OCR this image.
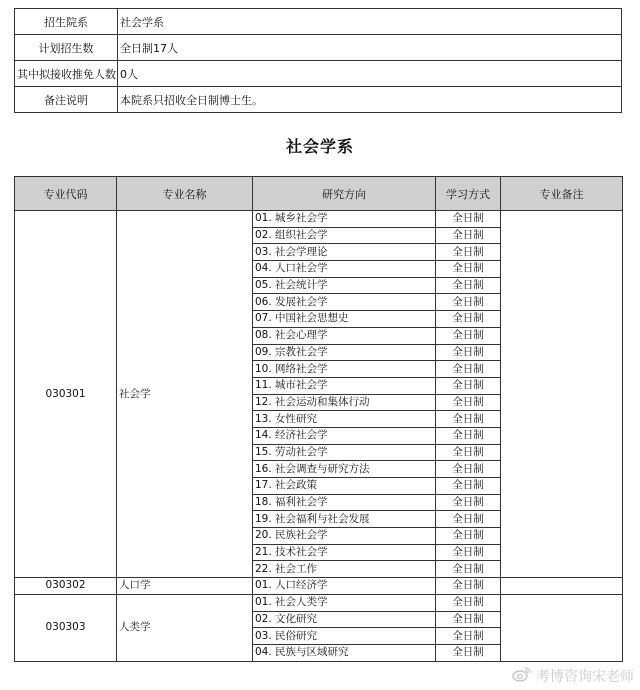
招生院系	社会学系
计划招生数	全日制17人
其中拟接收推免人数	0人
备注说明	本院系只招收全日制博士生。
社会学系
专业代码	专业名称	研究方向	学习方式	专业备注
030301	社会学	01. 城乡社会学	全日制	
		02. 组织社会学	全日制	
		03. 社会学理论	全日制	
		04. 人口社会学	全日制	
		05. 社会统计学	全日制	
		06. 发展社会学	全日制	
		07. 中国社会思想史	全日制	
		08. 社会心理学	全日制	
		09. 宗教社会学	全日制	
		10. 网络社会学	全日制	
		11. 城市社会学	全日制	
		12. 社会运动和集体行动	全日制	
		13. 女性研究	全日制	
		14. 经济社会学	全日制	
		15. 劳动社会学	全日制	
		16. 社会调查与研究方法	全日制	
		17. 社会政策	全日制	
		18. 福利社会学	全日制	
		19. 社会福利与社会发展	全日制	
		20. 民族社会学	全日制	
		21. 技术社会学	全日制	
		22. 社会工作	全日制	
030302	人口学	01. 人口经济学	全日制	
030303	人类学	01. 社会人类学	全日制	
		02. 文化研究	全日制	
		03. 民俗研究	全日制	
		04. 民族与区域研究	全日制	
考博咨询宋老师
